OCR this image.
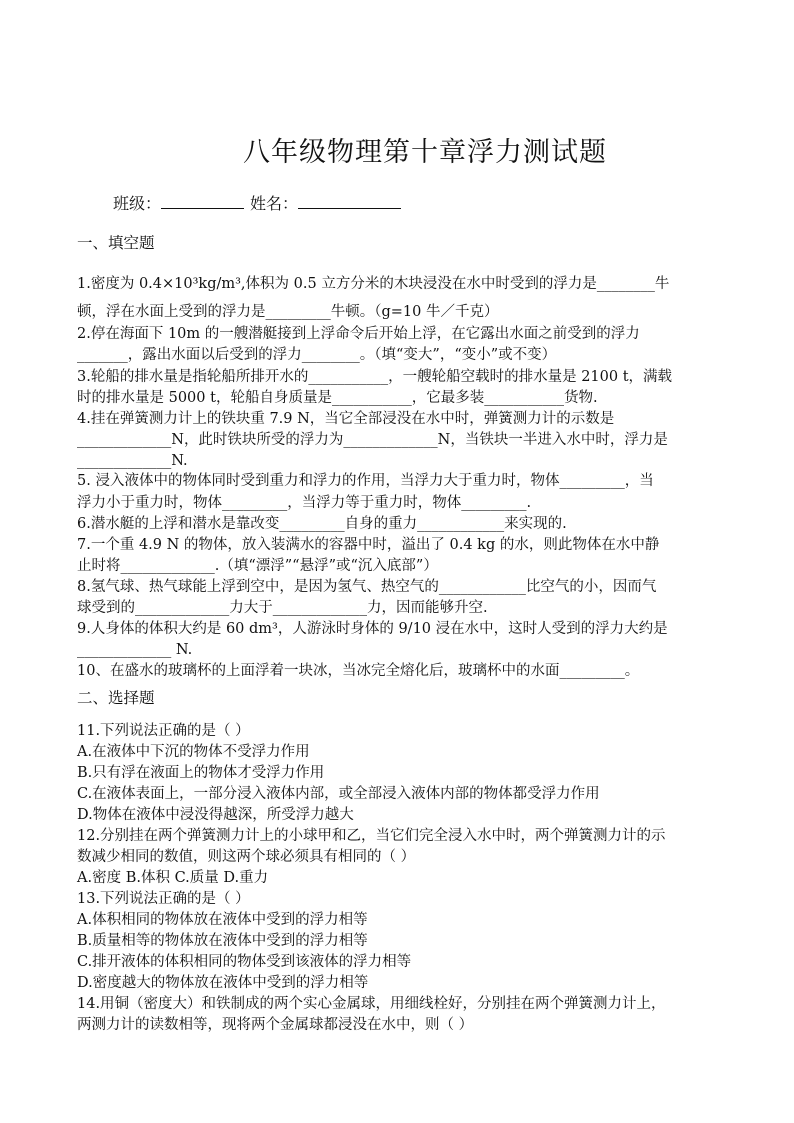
八年级物理第十章浮力测试题
班级：	姓名：
一、填空题
1.密度为 0.4×10³kg/m³,体积为 0.5 立方分米的木块浸没在水中时受到的浮力是________牛
顿，浮在水面上受到的浮力是_________牛顿。（g=10 牛／千克）
2.停在海面下 10m 的一艘潜艇接到上浮命令后开始上浮，在它露出水面之前受到的浮力
_______，露出水面以后受到的浮力________。（填“变大”，“变小”或不变）
3.轮船的排水量是指轮船所排开水的___________，一艘轮船空载时的排水量是 2100 t，满载
时的排水量是 5000 t，轮船自身质量是___________，它最多装___________货物.
4.挂在弹簧测力计上的铁块重 7.9 N，当它全部浸没在水中时，弹簧测力计的示数是
_____________N，此时铁块所受的浮力为_____________N，当铁块一半进入水中时，浮力是
_____________N.
5. 浸入液体中的物体同时受到重力和浮力的作用，当浮力大于重力时，物体_________，当
浮力小于重力时，物体_________，当浮力等于重力时，物体_________.
6.潜水艇的上浮和潜水是靠改变_________自身的重力____________来实现的.
7.一个重 4.9 N 的物体，放入装满水的容器中时，溢出了 0.4 kg 的水，则此物体在水中静
止时将_____________.（填“漂浮”“悬浮”或“沉入底部”）
8.氢气球、热气球能上浮到空中，是因为氢气、热空气的____________比空气的小，因而气
球受到的_____________力大于_____________力，因而能够升空.
9.人身体的体积大约是 60 dm³，人游泳时身体的 9/10 浸在水中，这时人受到的浮力大约是
_____________ N.
10、在盛水的玻璃杯的上面浮着一块冰，当冰完全熔化后，玻璃杯中的水面_________。
二、选择题
11.下列说法正确的是（ ）
A.在液体中下沉的物体不受浮力作用
B.只有浮在液面上的物体才受浮力作用
C.在液体表面上，一部分浸入液体内部，或全部浸入液体内部的物体都受浮力作用
D.物体在液体中浸没得越深，所受浮力越大
12.分别挂在两个弹簧测力计上的小球甲和乙，当它们完全浸入水中时，两个弹簧测力计的示
数减少相同的数值，则这两个球必须具有相同的（ ）
A.密度 B.体积 C.质量 D.重力
13.下列说法正确的是（ ）
A.体积相同的物体放在液体中受到的浮力相等
B.质量相等的物体放在液体中受到的浮力相等
C.排开液体的体积相同的物体受到该液体的浮力相等
D.密度越大的物体放在液体中受到的浮力相等
14.用铜（密度大）和铁制成的两个实心金属球，用细线栓好，分别挂在两个弹簧测力计上，
两测力计的读数相等，现将两个金属球都浸没在水中，则（ ）
